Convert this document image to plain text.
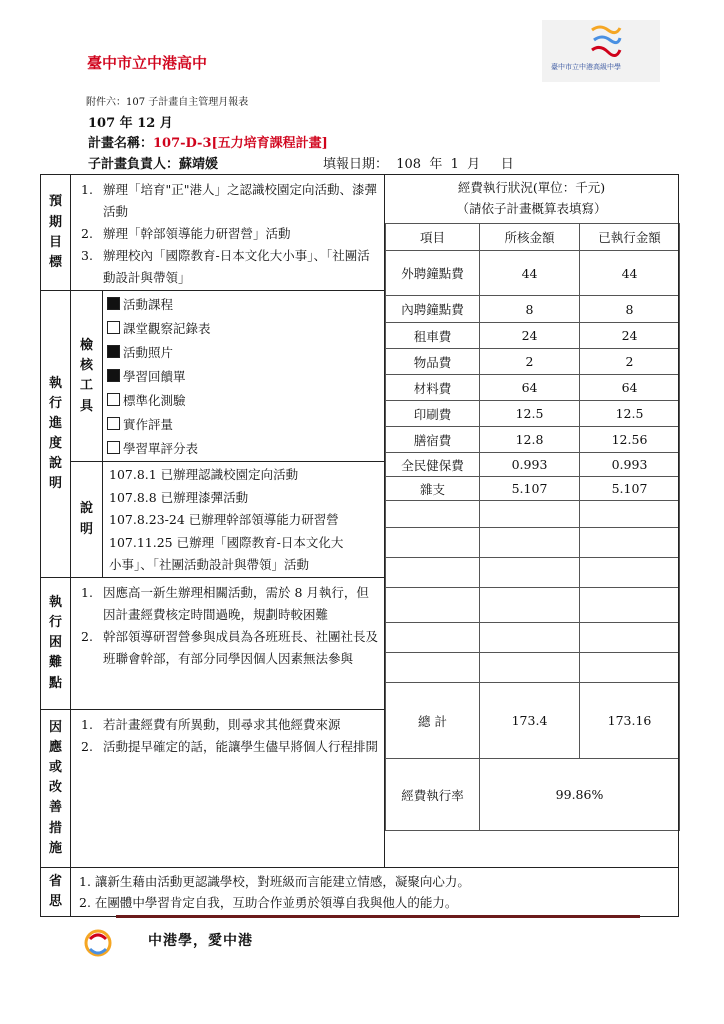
臺中市立中港高中	臺中市立中港高級中學
附件六：107 子計畫自主管理月報表
107 年 12 月
計畫名稱：107-D-3[五力培育課程計畫]
子計畫負責人：蘇靖媛	填報日期：  108  年  1  月     日
預
期
目
標

1. 辦理「培育"正"港人」之認識校園定向活動、漆彈活動
2. 辦理「幹部領導能力研習營」活動
3. 辦理校內「國際教育-日本文化大小事」、「社團活動設計與帶領」

經費執行狀況(單位：千元)
（請依子計畫概算表填寫）
項目	所核金額	已執行金額
外聘鐘點費	44	44
內聘鐘點費	8	8
租車費	24	24
物品費	2	2
材料費	64	64
印刷費	12.5	12.5
膳宿費	12.8	12.56
全民健保費	0.993	0.993
雜支	5.107	5.107

總 計	173.4	173.16
經費執行率	99.86%

執
行
進
度
說
明

檢
核
工
具

活動課程
課堂觀察記錄表
活動照片
學習回饋單
標準化測驗
實作評量
學習單評分表

說
明

107.8.1 已辦理認識校園定向活動
107.8.8 已辦理漆彈活動
107.8.23-24 已辦理幹部領導能力研習營
107.11.25 已辦理「國際教育-日本文化大
小事」、「社團活動設計與帶領」活動

執
行
困
難
點

1. 因應高一新生辦理相關活動，需於 8 月執行，但因計畫經費核定時間過晚，規劃時較困難
2. 幹部領導研習營參與成員為各班班長、社團社長及班聯會幹部，有部分同學因個人因素無法參與

因
應
或
改
善
措
施

1. 若計畫經費有所異動，則尋求其他經費來源
2. 活動提早確定的話，能讓學生儘早將個人行程排開

省
思

1. 讓新生藉由活動更認識學校，對班級而言能建立情感，凝聚向心力。
2. 在團體中學習肯定自我，互助合作並勇於領導自我與他人的能力。
中港學，愛中港
